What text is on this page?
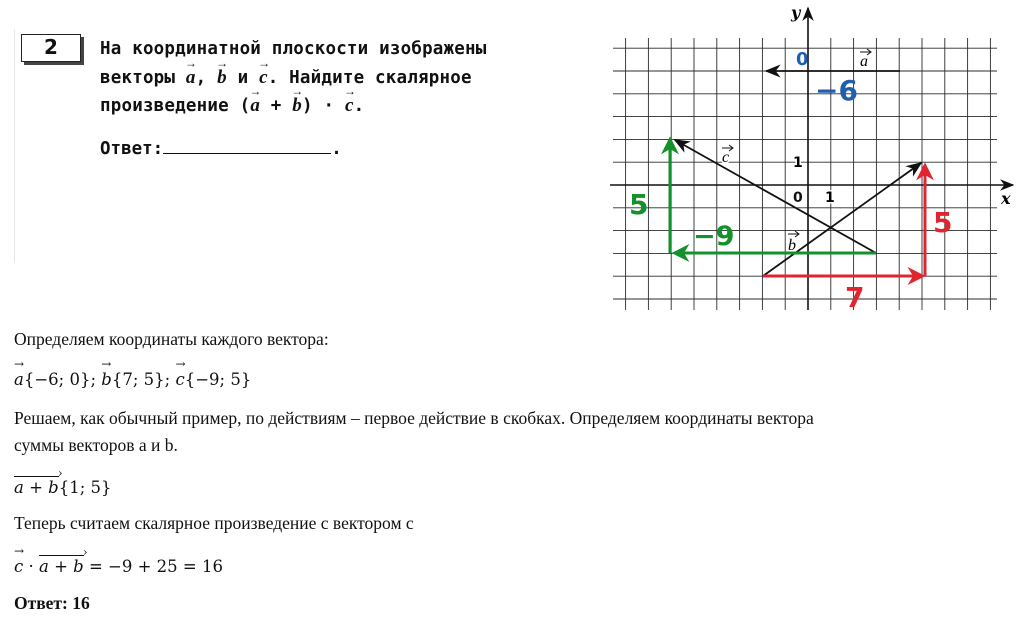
2	На координатной плоскости изображены
векторы → a, → b и → c. Найдите скалярное
произведение (→ a + → b) · → c.
Ответ:	.
x
y
0 1
1
a
c
b
0
−6
−9
5
7
5
Определяем координаты каждого вектора:
→ a{−6; 0}; → b{7; 5}; → c{−9; 5}
Решаем, как обычный пример, по действиям – первое действие в скобках. Определяем координаты вектора
суммы векторов а и b.
a + b ›{1; 5}
Теперь считаем скалярное произведение с вектором с
→ c · a + b › = −9 + 25 = 16
Ответ: 16
